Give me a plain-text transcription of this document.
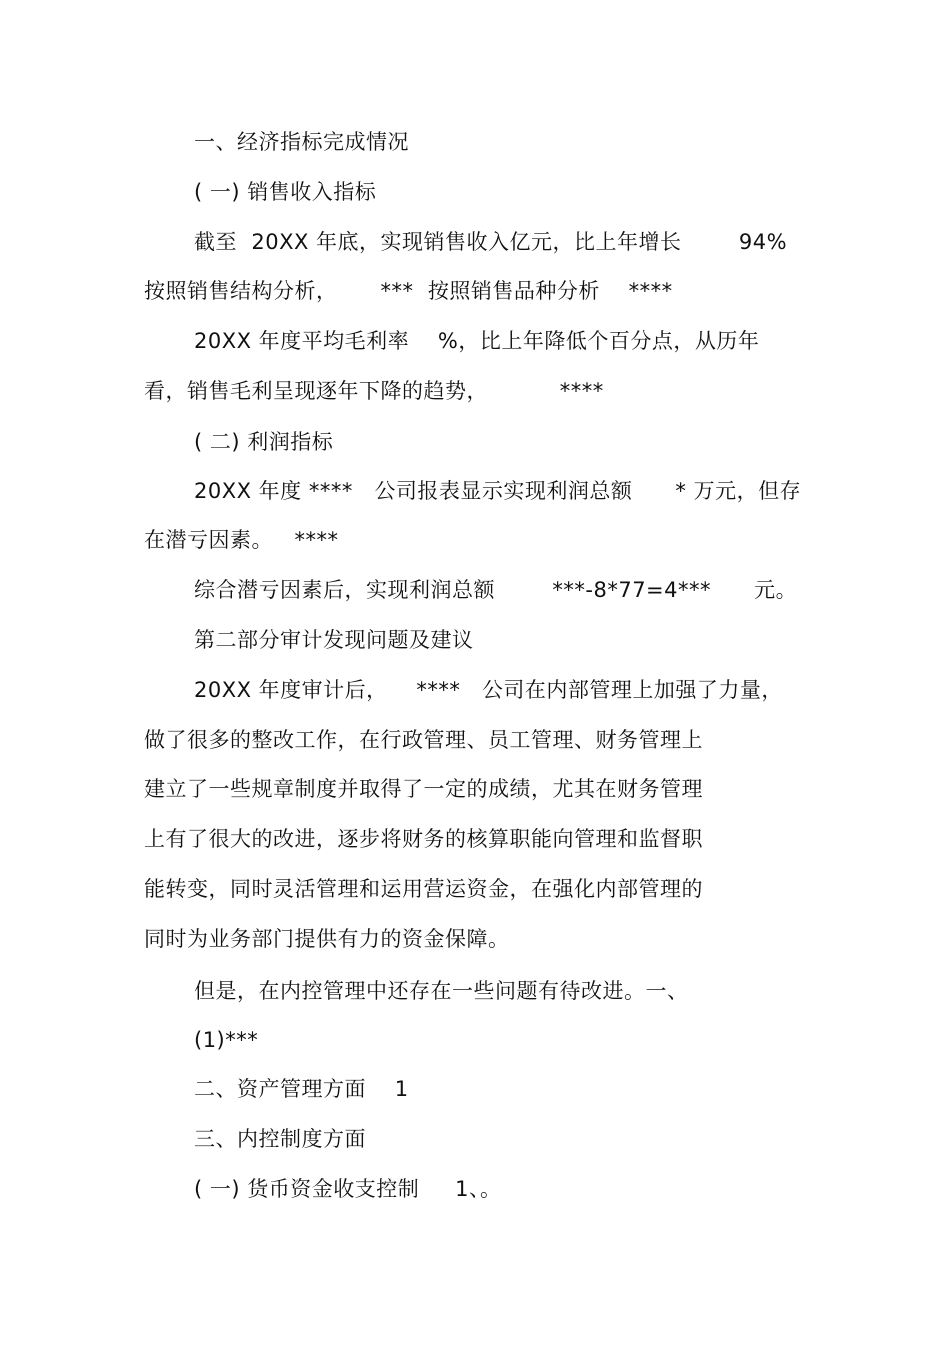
一、经济指标完成情况
( 一) 销售收入指标
截至  20XX 年底，实现销售收入亿元，比上年增长        94%
按照销售结构分析，      ***  按照销售品种分析    ****
20XX 年度平均毛利率    %，比上年降低个百分点，从历年
看，销售毛利呈现逐年下降的趋势，          ****
( 二) 利润指标
20XX 年度 ****   公司报表显示实现利润总额      * 万元，但存
在潜亏因素。   ****
综合潜亏因素后，实现利润总额        ***-8*77=4***      元。
第二部分审计发现问题及建议
20XX 年度审计后，    ****   公司在内部管理上加强了力量，
做了很多的整改工作，在行政管理、员工管理、财务管理上
建立了一些规章制度并取得了一定的成绩，尤其在财务管理
上有了很大的改进，逐步将财务的核算职能向管理和监督职
能转变，同时灵活管理和运用营运资金，在强化内部管理的
同时为业务部门提供有力的资金保障。
但是，在内控管理中还存在一些问题有待改进。一、
(1)***
二、资产管理方面    1
三、内控制度方面
( 一) 货币资金收支控制     1、。
